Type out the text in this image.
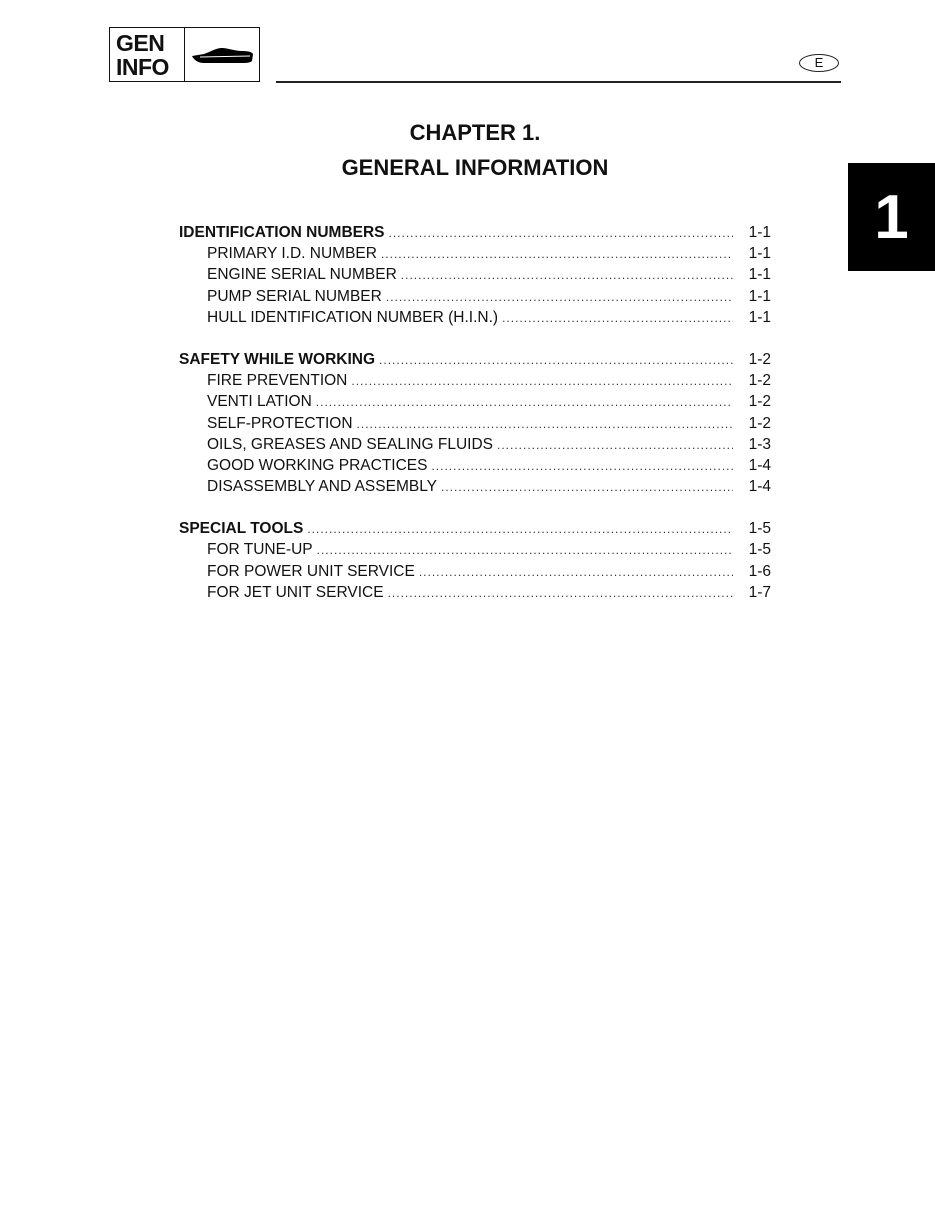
GEN
INFO	E
1
CHAPTER 1.
GENERAL INFORMATION
IDENTIFICATION NUMBERS .....	1-1
PRIMARY I.D. NUMBER .....	1-1
ENGINE SERIAL NUMBER .....	1-1
PUMP SERIAL NUMBER .....	1-1
HULL IDENTIFICATION NUMBER (H.I.N.) .....	1-1
SAFETY WHILE WORKING .....	1-2
FIRE PREVENTION .....	1-2
VENTI LATION .....	1-2
SELF-PROTECTION .....	1-2
OILS, GREASES AND SEALING FLUIDS .....	1-3
GOOD WORKING PRACTICES .....	1-4
DISASSEMBLY AND ASSEMBLY .....	1-4
SPECIAL TOOLS .....	1-5
FOR TUNE-UP .....	1-5
FOR POWER UNIT SERVICE .....	1-6
FOR JET UNIT SERVICE .....	1-7
